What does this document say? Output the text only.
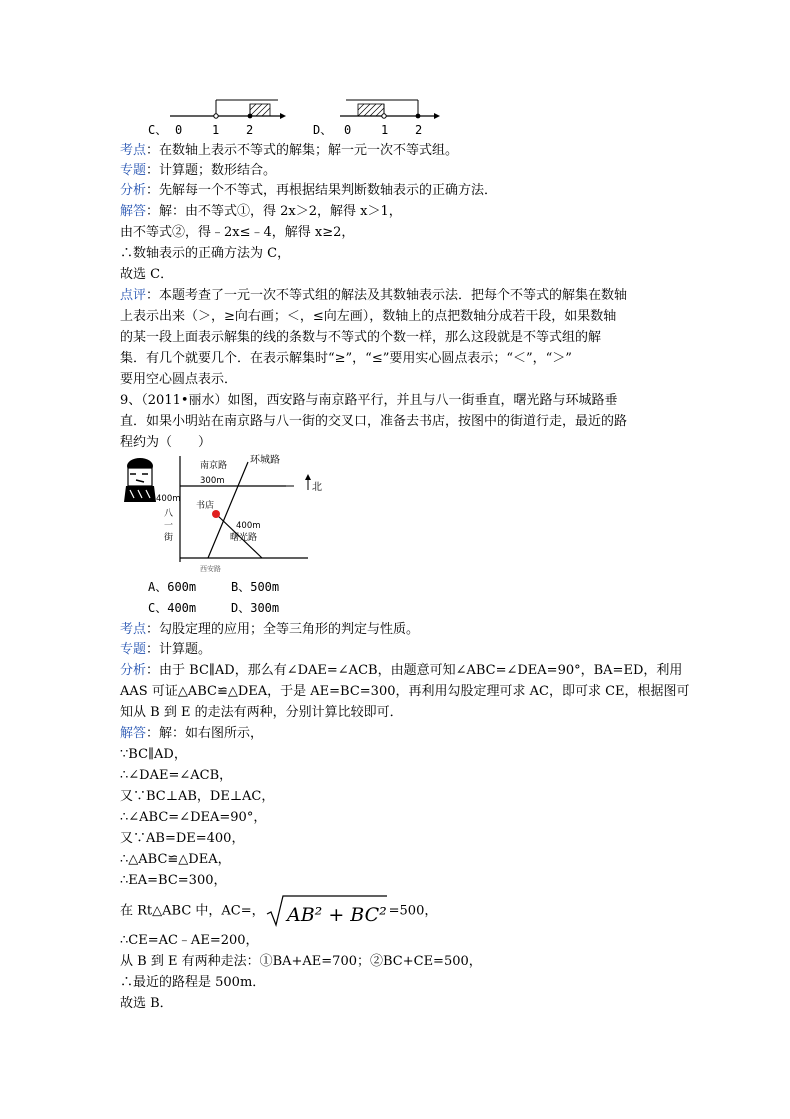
C、 0 1 2	D、 0 1 2
考点：在数轴上表示不等式的解集；解一元一次不等式组。
专题：计算题；数形结合。
分析：先解每一个不等式，再根据结果判断数轴表示的正确方法．
解答：解：由不等式①，得 2x＞2，解得 x＞1，
由不等式②，得﹣2x≤﹣4，解得 x≥2，
∴数轴表示的正确方法为 C，
故选 C．
点评：本题考查了一元一次不等式组的解法及其数轴表示法．把每个不等式的解集在数轴
上表示出来（＞，≥向右画；＜，≤向左画），数轴上的点把数轴分成若干段，如果数轴
的某一段上面表示解集的线的条数与不等式的个数一样，那么这段就是不等式组的解
集．有几个就要几个．在表示解集时“≥”，“≤”要用实心圆点表示；“＜”，“＞”
要用空心圆点表示．
9、（2011•丽水）如图，西安路与南京路平行，并且与八一街垂直，曙光路与环城路垂
直．如果小明站在南京路与八一街的交叉口，准备去书店，按图中的街道行走，最近的路
程约为（　　）
南京路 环城路
300m
北
400m
八
一
街
书店
400m
曙光路
西安路
A、600m	B、500m
C、400m	D、300m
考点：勾股定理的应用；全等三角形的判定与性质。
专题：计算题。
分析：由于 BC∥AD，那么有∠DAE=∠ACB，由题意可知∠ABC=∠DEA=90°，BA=ED，利用
AAS 可证△ABC≌△DEA，于是 AE=BC=300，再利用勾股定理可求 AC，即可求 CE，根据图可
知从 B 到 E 的走法有两种，分别计算比较即可．
解答：解：如右图所示，
∵BC∥AD，
∴∠DAE=∠ACB，
又∵BC⊥AB，DE⊥AC，
∴∠ABC=∠DEA=90°，
又∵AB=DE=400，
∴△ABC≌△DEA，
∴EA=BC=300，
在 Rt△ABC 中，AC=， AB² + BC² =500，
∴CE=AC﹣AE=200，
从 B 到 E 有两种走法：①BA+AE=700；②BC+CE=500，
∴最近的路程是 500m．
故选 B．
